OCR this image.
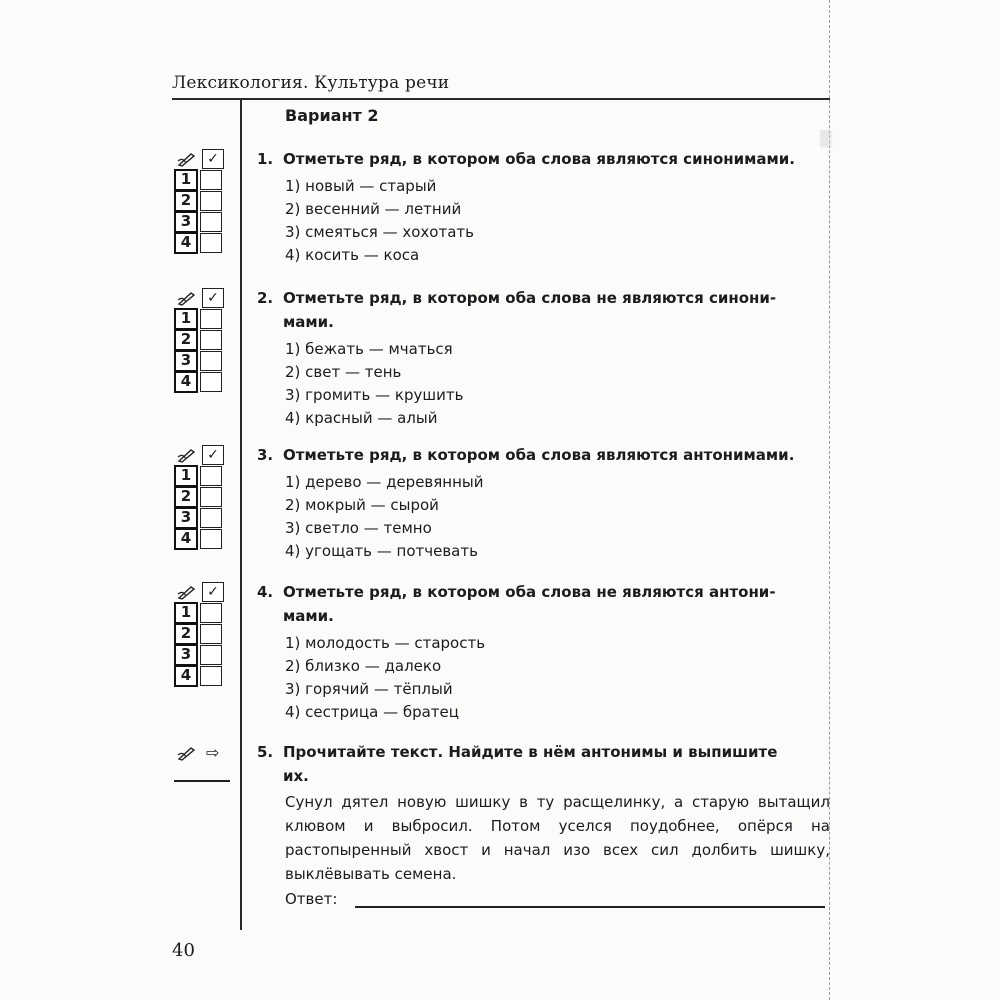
▒
Лексикология. Культура речи
Вариант 2
1. Отметьте ряд, в котором оба слова являются синонимами.
1) новый — старый
2) весенний — летний
3) смеяться — хохотать
4) косить — коса
✓
1
2
3
4
2. Отметьте ряд, в котором оба слова не являются синони-
мами.
1) бежать — мчаться
2) свет — тень
3) громить — крушить
4) красный — алый
✓
1
2
3
4
3. Отметьте ряд, в котором оба слова являются антонимами.
1) дерево — деревянный
2) мокрый — сырой
3) светло — темно
4) угощать — потчевать
✓
1
2
3
4
4. Отметьте ряд, в котором оба слова не являются антони-
мами.
1) молодость — старость
2) близко — далеко
3) горячий — тёплый
4) сестрица — братец
✓
1
2
3
4
5. Прочитайте текст. Найдите в нём антонимы и выпишите
их.
⇨
Сунул дятел новую шишку в ту расщелинку, а старую вытащил клювом и выбросил. Потом уселся поудобнее, опёрся на растопыренный хвост и начал изо всех сил долбить шишку, выклёвывать семена.
Ответ:
40
